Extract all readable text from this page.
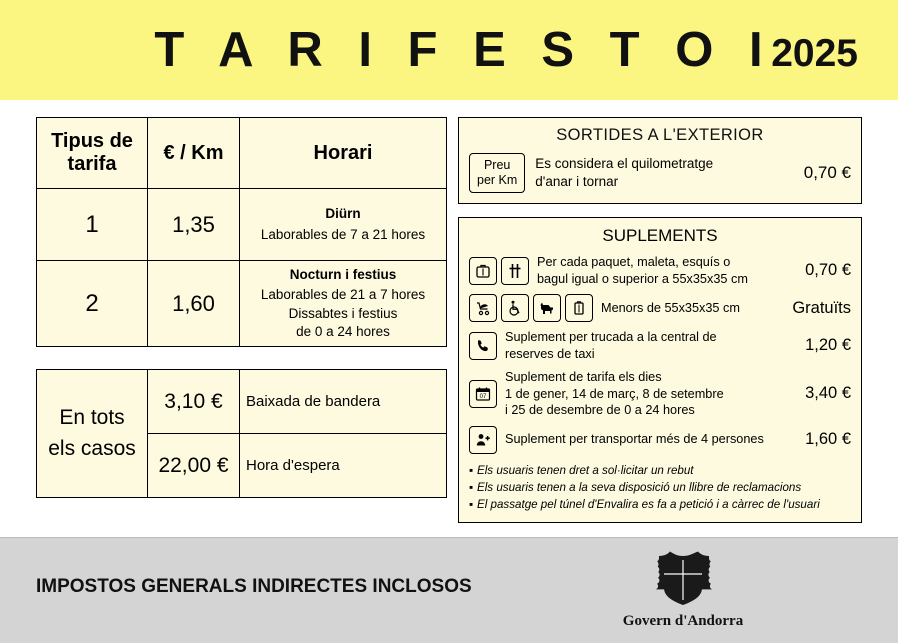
T A R I F E S T O I
2025
Tipus de tarifa	€ / Km	Horari
1	1,35	Diürn
Laborables de 7 a 21 hores
2	1,60	Nocturn i festius
Laborables de 21 a 7 hores
Dissabtes i festius
de 0 a 24 hores
En tots els casos	3,10 €	Baixada de bandera
	22,00 €	Hora d'espera
SORTIDES A L'EXTERIOR
Preu
per Km
Es considera el quilometratge
d'anar i tornar	0,70 €
SUPLEMENTS
Per cada paquet, maleta, esquís o
bagul igual o superior a 55x35x35 cm	0,70 €
Menors de 55x35x35 cm	Gratuïts
Suplement per trucada a la central de
reserves de taxi	1,20 €
07
Suplement de tarifa els dies
1 de gener, 14 de març, 8 de setembre
i 25 de desembre de 0 a 24 hores
3,40 €
Suplement per transportar més de 4 persones	1,60 €
▪ Els usuaris tenen dret a sol·licitar un rebut
▪ Els usuaris tenen a la seva disposició un llibre de reclamacions
▪ El passatge pel túnel d'Envalira es fa a petició i a càrrec de l'usuari
IMPOSTOS GENERALS INDIRECTES INCLOSOS
Govern d'Andorra
